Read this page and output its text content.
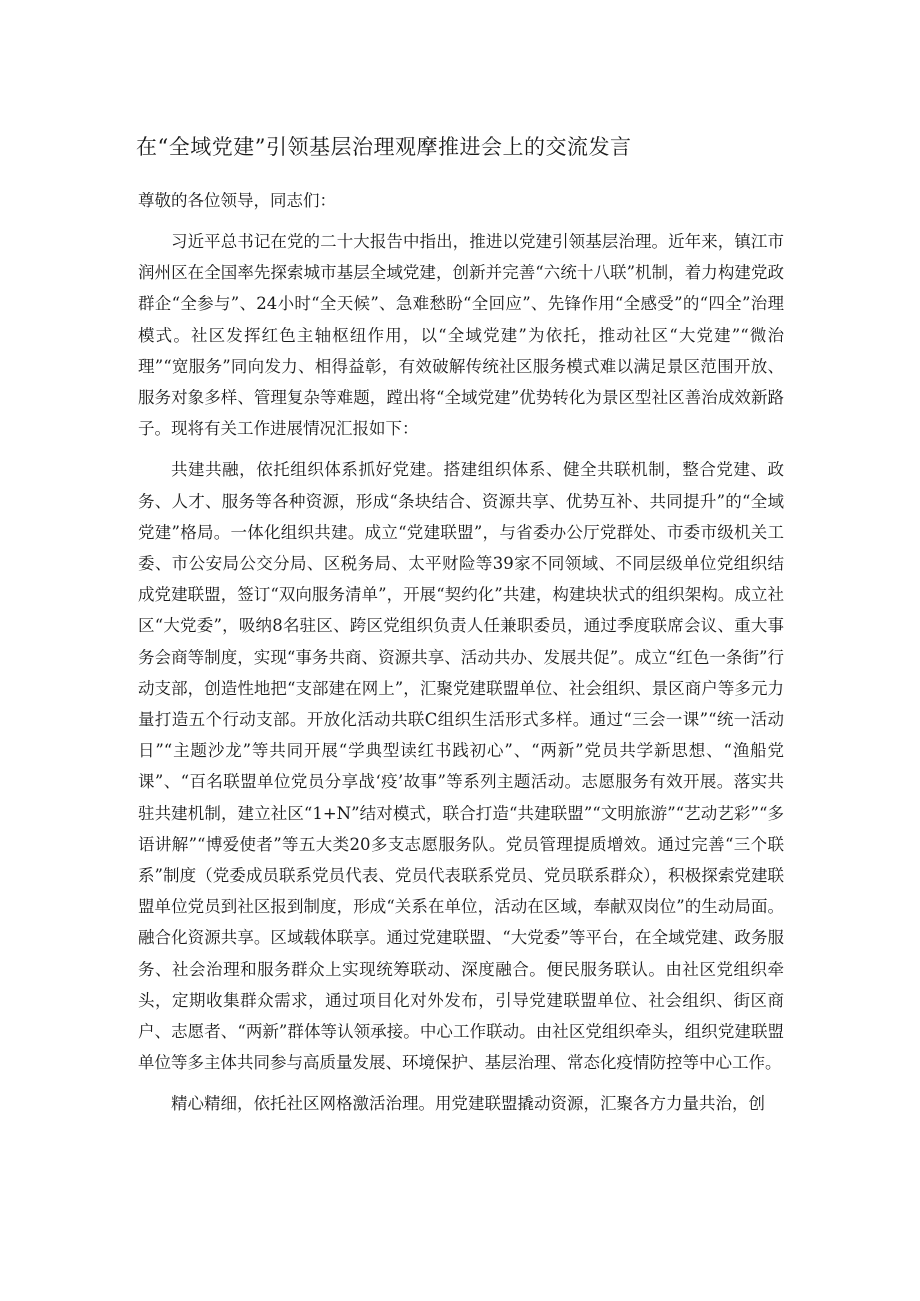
在“全域党建”引领基层治理观摩推进会上的交流发言
尊敬的各位领导，同志们：

习近平总书记在党的二十大报告中指出，推进以党建引领基层治理。近年来，镇江市润州区在全国率先探索城市基层全域党建，创新并完善“六统十八联”机制，着力构建党政群企“全参与”、24小时“全天候”、急难愁盼“全回应”、先锋作用“全感受”的“四全”治理模式。社区发挥红色主轴枢纽作用，以“全域党建”为依托，推动社区“大党建”“微治理”“宽服务”同向发力、相得益彰，有效破解传统社区服务模式难以满足景区范围开放、服务对象多样、管理复杂等难题，蹚出将“全域党建”优势转化为景区型社区善治成效新路子。现将有关工作进展情况汇报如下：

共建共融，依托组织体系抓好党建。搭建组织体系、健全共联机制，整合党建、政务、人才、服务等各种资源，形成“条块结合、资源共享、优势互补、共同提升”的“全域党建”格局。一体化组织共建。成立“党建联盟”，与省委办公厅党群处、市委市级机关工委、市公安局公交分局、区税务局、太平财险等39家不同领域、不同层级单位党组织结成党建联盟，签订“双向服务清单”，开展“契约化”共建，构建块状式的组织架构。成立社区“大党委”，吸纳8名驻区、跨区党组织负责人任兼职委员，通过季度联席会议、重大事务会商等制度，实现“事务共商、资源共享、活动共办、发展共促”。成立“红色一条街”行动支部，创造性地把“支部建在网上”，汇聚党建联盟单位、社会组织、景区商户等多元力量打造五个行动支部。开放化活动共联C组织生活形式多样。通过“三会一课”“统一活动日”“主题沙龙”等共同开展“学典型读红书践初心”、“两新”党员共学新思想、“渔船党课”、“百名联盟单位党员分享战‘疫’故事”等系列主题活动。志愿服务有效开展。落实共驻共建机制，建立社区“1+N”结对模式，联合打造“共建联盟”“文明旅游”“艺动艺彩”“多语讲解”“博爱使者”等五大类20多支志愿服务队。党员管理提质增效。通过完善“三个联系”制度（党委成员联系党员代表、党员代表联系党员、党员联系群众），积极探索党建联盟单位党员到社区报到制度，形成“关系在单位，活动在区域，奉献双岗位”的生动局面。融合化资源共享。区域载体联享。通过党建联盟、“大党委”等平台，在全域党建、政务服务、社会治理和服务群众上实现统筹联动、深度融合。便民服务联认。由社区党组织牵头，定期收集群众需求，通过项目化对外发布，引导党建联盟单位、社会组织、街区商户、志愿者、“两新”群体等认领承接。中心工作联动。由社区党组织牵头，组织党建联盟单位等多主体共同参与高质量发展、环境保护、基层治理、常态化疫情防控等中心工作。

精心精细，依托社区网格激活治理。用党建联盟撬动资源，汇聚各方力量共治，创
